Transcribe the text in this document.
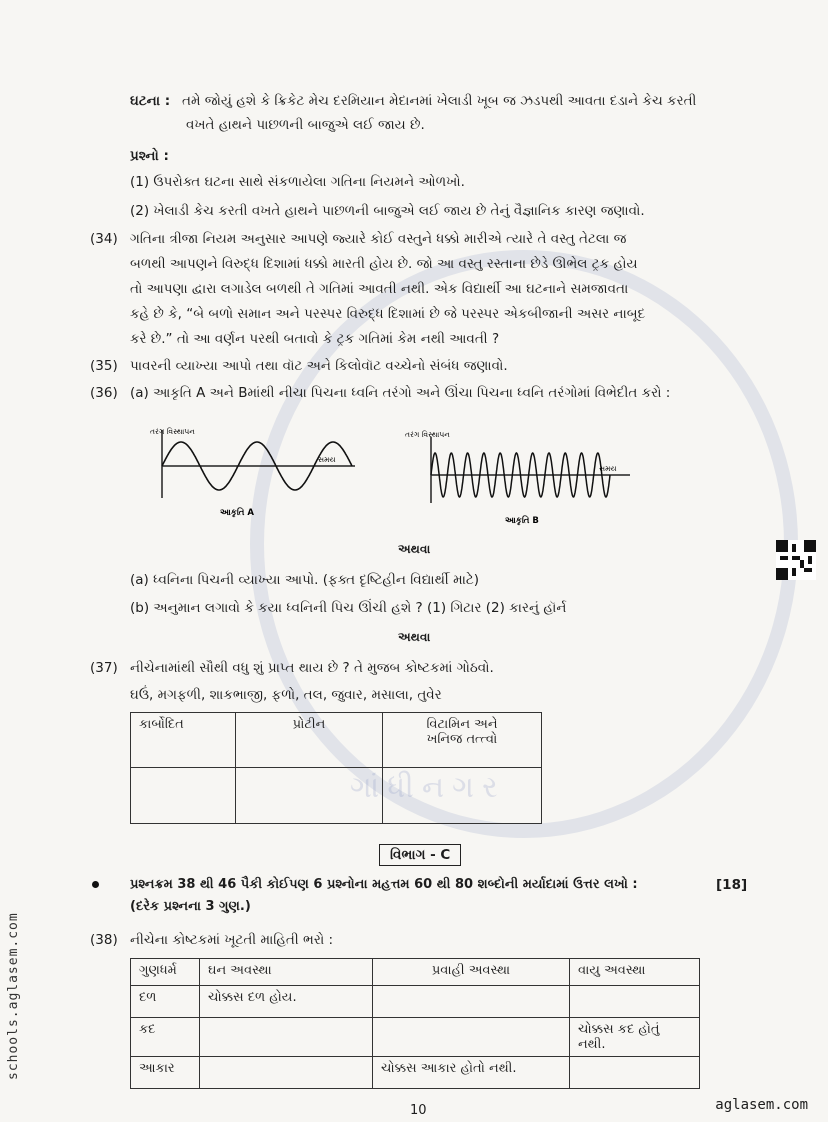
ગાંધીનગર
ઘટના : તમે જોયું હશે કે ક્રિકેટ મેચ દરમિયાન મેદાનમાં ખેલાડી ખૂબ જ ઝડપથી આવતા દડાને કેચ કરતી
વખતે હાથને પાછળની બાજુએ લઈ જાય છે.
પ્રશ્નો :
(1) ઉપરોક્ત ઘટના સાથે સંકળાયેલા ગતિના નિયમને ઓળખો.
(2) ખેલાડી કેચ કરતી વખતે હાથને પાછળની બાજુએ લઈ જાય છે તેનું વૈજ્ઞાનિક કારણ જણાવો.
(34) ગતિના ત્રીજા નિયમ અનુસાર આપણે જ્યારે કોઈ વસ્તુને ધક્કો મારીએ ત્યારે તે વસ્તુ તેટલા જ
બળથી આપણને વિરુદ્ધ દિશામાં ધક્કો મારતી હોય છે. જો આ વસ્તુ રસ્તાના છેડે ઊભેલ ટ્રક હોય
તો આપણા દ્વારા લગાડેલ બળથી તે ગતિમાં આવતી નથી. એક વિદ્યાર્થી આ ઘટનાને સમજાવતા
કહે છે કે, “બે બળો સમાન અને પરસ્પર વિરુદ્ધ દિશામાં છે જે પરસ્પર એકબીજાની અસર નાબૂદ
કરે છે.” તો આ વર્ણન પરથી બતાવો કે ટ્રક ગતિમાં કેમ નથી આવતી ?
(35) પાવરની વ્યાખ્યા આપો તથા વૉટ અને કિલોવૉટ વચ્ચેનો સંબંધ જણાવો.
(36) (a) આકૃતિ A અને Bમાંથી નીચા પિચના ધ્વનિ તરંગો અને ઊંચા પિચના ધ્વનિ તરંગોમાં વિભેદીત કરો :
તરંગ વિસ્થાપન
સમય
આકૃતિ A
તરંગ વિસ્થાપન
સમય
આકૃતિ B
અથવા
(a) ધ્વનિના પિચની વ્યાખ્યા આપો. (ફક્ત દૃષ્ટિહીન વિદ્યાર્થી માટે)
(b) અનુમાન લગાવો કે કયા ધ્વનિની પિચ ઊંચી હશે ? (1) ગિટાર (2) કારનું હૉર્ન
અથવા
(37) નીચેનામાંથી સૌથી વધુ શું પ્રાપ્ત થાય છે ? તે મુજબ કોષ્ટકમાં ગોઠવો.
ઘઉં, મગફળી, શાકભાજી, ફળો, તલ, જુવાર, મસાલા, તુવેર
કાર્બોદિત	પ્રોટીન	વિટામિન અને
ખનિજ તત્ત્વો

વિભાગ - C
પ્રશ્નક્રમ 38 થી 46 પૈકી કોઈપણ 6 પ્રશ્નોના મહત્તમ 60 થી 80 શબ્દોની મર્યાદામાં ઉત્તર લખો :	[18]
(દરેક પ્રશ્નના 3 ગુણ.)
(38) નીચેના કોષ્ટકમાં ખૂટતી માહિતી ભરો :
ગુણધર્મ	ઘન અવસ્થા	પ્રવાહી અવસ્થા	વાયુ અવસ્થા
દળ	ચોક્કસ દળ હોય.		
કદ			ચોક્કસ કદ હોતું નથી.
આકાર		ચોક્કસ આકાર હોતો નથી.	
10	aglasem.com
schools.aglasem.com
